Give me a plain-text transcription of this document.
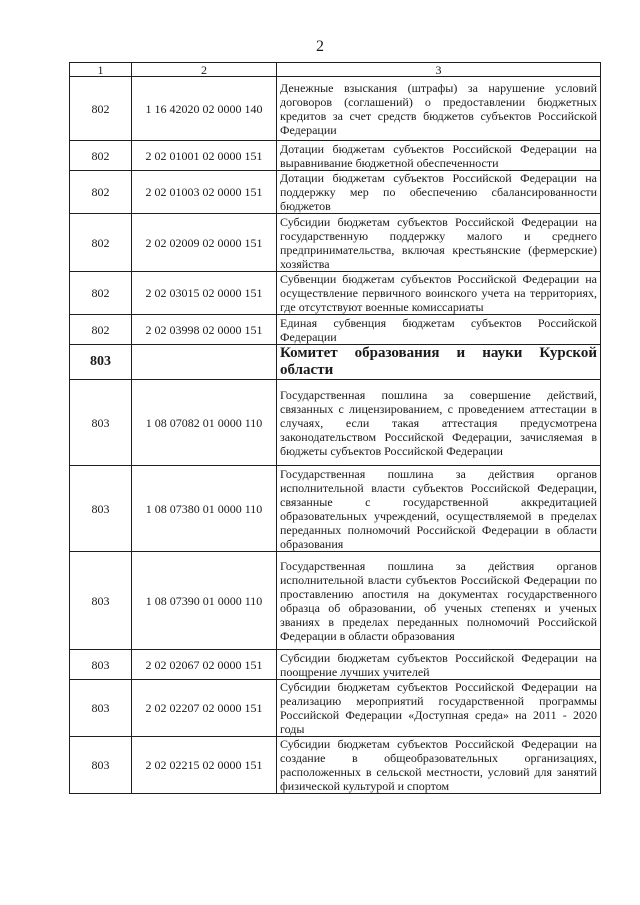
2
1	2	3
802	1 16 42020 02 0000 140	Денежные взыскания (штрафы) за нарушение условий договоров (соглашений) о предоставлении бюджетных кредитов за счет средств бюджетов субъектов Российской Федерации
802	2 02 01001 02 0000 151	Дотации бюджетам субъектов Российской Федерации на выравнивание бюджетной обеспеченности
802	2 02 01003 02 0000 151	Дотации бюджетам субъектов Российской Федерации на поддержку мер по обеспечению сбалансированности бюджетов
802	2 02 02009 02 0000 151	Субсидии бюджетам субъектов Российской Федерации на государственную поддержку малого и среднего предпринимательства, включая крестьянские (фермерские) хозяйства
802	2 02 03015 02 0000 151	Субвенции бюджетам субъектов Российской Федерации на осуществление первичного воинского учета на территориях, где отсутствуют военные комиссариаты
802	2 02 03998 02 0000 151	Единая субвенция бюджетам субъектов Российской Федерации
803		Комитет образования и науки Курской области
803	1 08 07082 01 0000 110	Государственная пошлина за совершение действий, связанных с лицензированием, с проведением аттестации в случаях, если такая аттестация предусмотрена законодательством Российской Федерации, зачисляемая в бюджеты субъектов Российской Федерации
803	1 08 07380 01 0000 110	Государственная пошлина за действия органов исполнительной власти субъектов Российской Федерации, связанные с государственной аккредитацией образовательных учреждений, осуществляемой в пределах переданных полномочий Российской Федерации в области образования
803	1 08 07390 01 0000 110	Государственная пошлина за действия органов исполнительной власти субъектов Российской Федерации по проставлению апостиля на документах государственного образца об образовании, об ученых степенях и ученых званиях в пределах переданных полномочий Российской Федерации в области образования
803	2 02 02067 02 0000 151	Субсидии бюджетам субъектов Российской Федерации на поощрение лучших учителей
803	2 02 02207 02 0000 151	Субсидии бюджетам субъектов Российской Федерации на реализацию мероприятий государственной программы Российской Федерации «Доступная среда» на 2011 - 2020 годы
803	2 02 02215 02 0000 151	Субсидии бюджетам субъектов Российской Федерации на создание в общеобразовательных организациях, расположенных в сельской местности, условий для занятий физической культурой и спортом
